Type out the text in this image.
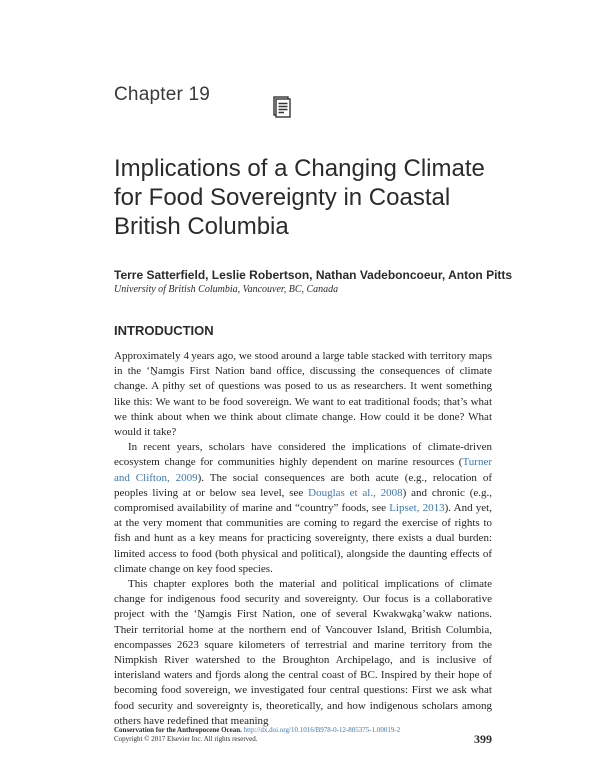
Chapter 19
Implications of a Changing Climate for Food Sovereignty in Coastal British Columbia
Terre Satterfield, Leslie Robertson, Nathan Vadeboncoeur, Anton Pitts
University of British Columbia, Vancouver, BC, Canada
INTRODUCTION

Approximately 4 years ago, we stood around a large table stacked with territory maps in the ‘Ṉamgis First Nation band office, discussing the consequences of climate change. A pithy set of questions was posed to us as researchers. It went something like this: We want to be food sovereign. We want to eat traditional foods; that’s what we think about when we think about climate change. How could it be done? What would it take?

In recent years, scholars have considered the implications of climate-driven ecosystem change for communities highly dependent on marine resources (Turner and Clifton, 2009). The social consequences are both acute (e.g., relocation of peoples living at or below sea level, see Douglas et al., 2008) and chronic (e.g., compromised availability of marine and “country” foods, see Lipset, 2013). And yet, at the very moment that communities are coming to regard the exercise of rights to fish and hunt as a key means for practicing sovereignty, there exists a dual burden: limited access to food (both physical and political), alongside the daunting effects of climate change on key food species.

This chapter explores both the material and political implications of climate change for indigenous food security and sovereignty. Our focus is a collaborative project with the ‘Ṉamgis First Nation, one of several Kwakwa̱ka̱’wakw nations. Their territorial home at the northern end of Vancouver Island, British Columbia, encompasses 2623 square kilometers of terrestrial and marine territory from the Nimpkish River watershed to the Broughton Archipelago, and is inclusive of interisland waters and fjords along the central coast of BC. Inspired by their hope of becoming food sovereign, we investigated four central questions: First we ask what food security and sovereignty is, theoretically, and how indigenous scholars among others have redefined that meaning

Conservation for the Anthropocene Ocean. http://dx.doi.org/10.1016/B978-0-12-805375-1.00019-2
Copyright © 2017 Elsevier Inc. All rights reserved.	399
